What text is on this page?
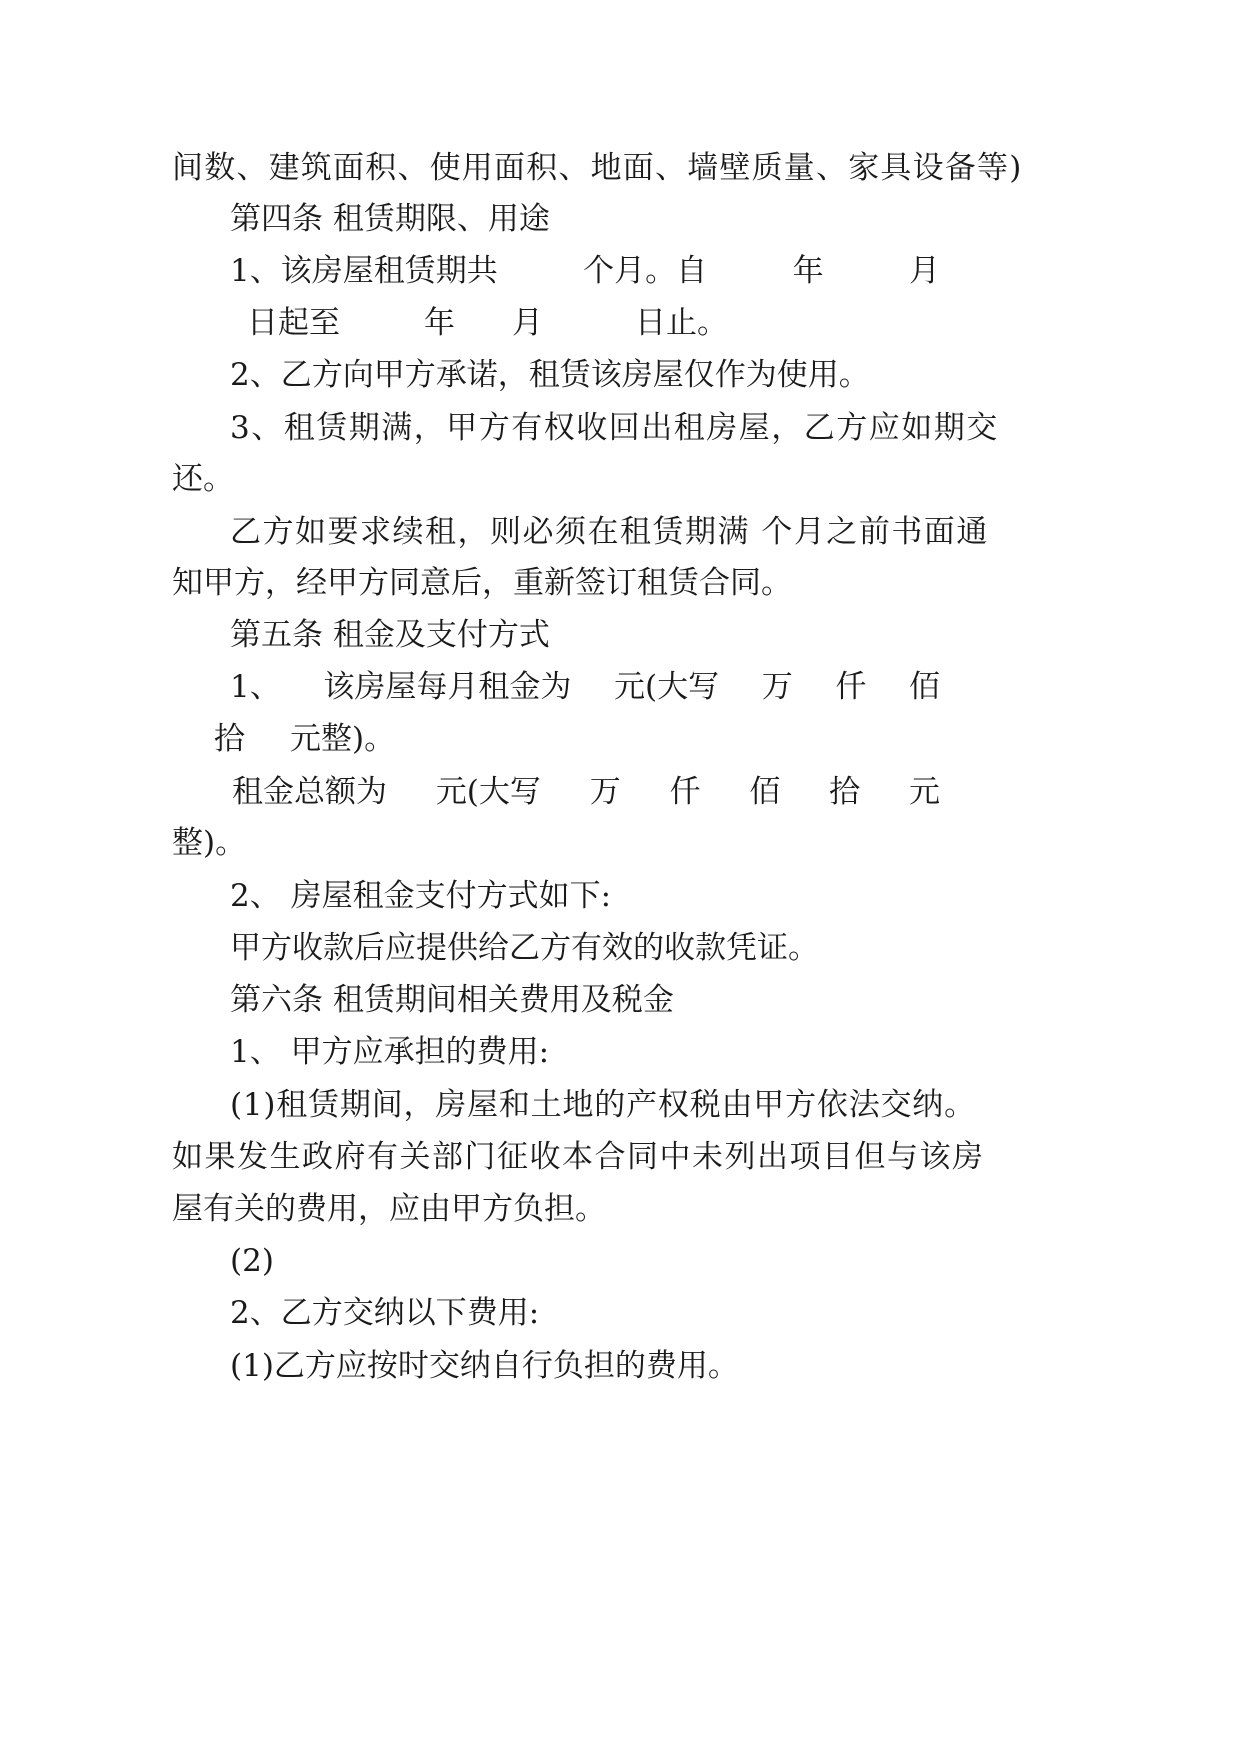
间数、建筑面积、使用面积、地面、墙壁质量、家具设备等)
第四条 租赁期限、用途
1、该房屋租赁期共	个月。自	年	月
日起至	年 月	日止。
2、乙方向甲方承诺，租赁该房屋仅作为使用。
3、租赁期满，甲方有权收回出租房屋，乙方应如期交
还。
乙方如要求续租，则必须在租赁期满 个月之前书面通
知甲方，经甲方同意后，重新签订租赁合同。
第五条 租金及支付方式
1、 该房屋每月租金为 元(大写 万 仟 佰
拾 元整)。
租金总额为 元(大写 万 仟 佰 拾 元
整)。
2、 房屋租金支付方式如下:
甲方收款后应提供给乙方有效的收款凭证。
第六条 租赁期间相关费用及税金
1、 甲方应承担的费用:
(1)租赁期间，房屋和土地的产权税由甲方依法交纳。
如果发生政府有关部门征收本合同中未列出项目但与该房
屋有关的费用，应由甲方负担。
(2)
2、乙方交纳以下费用:
(1)乙方应按时交纳自行负担的费用。
